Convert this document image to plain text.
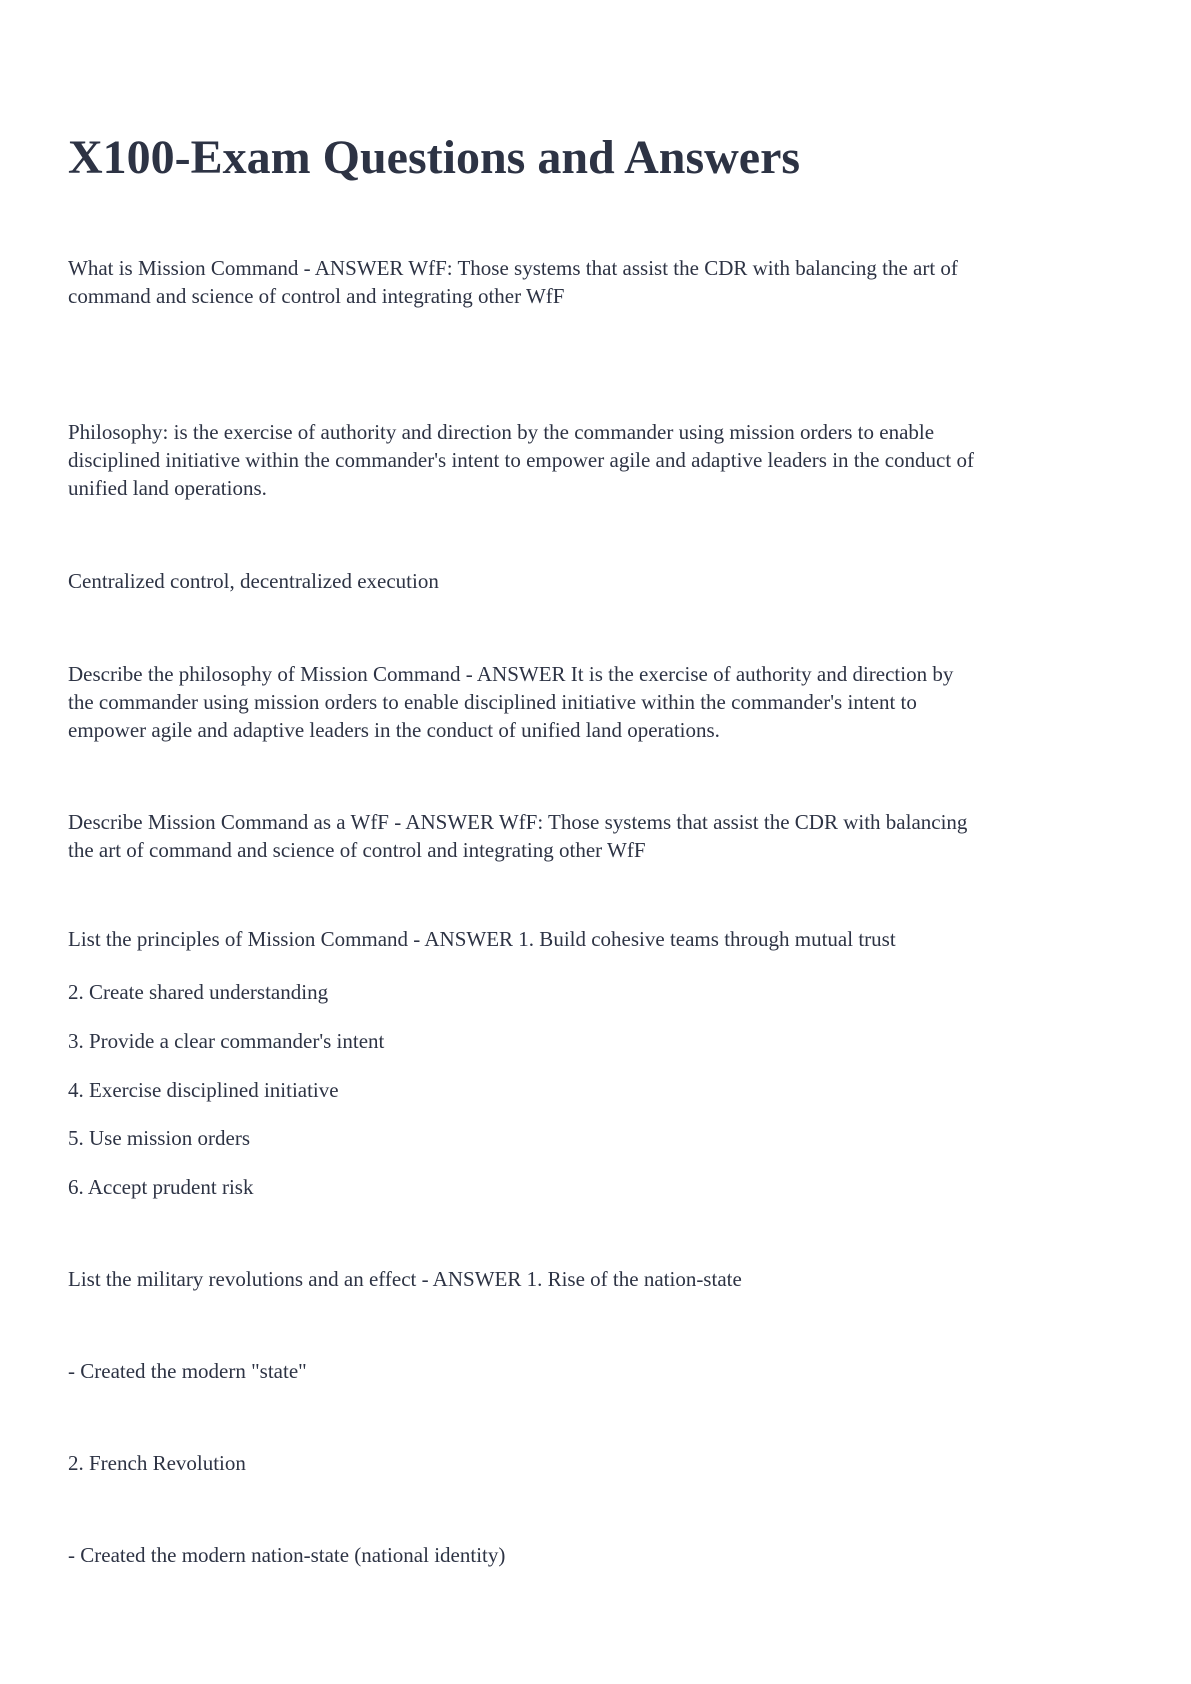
X100-Exam Questions and Answers
What is Mission Command - ANSWER WfF: Those systems that assist the CDR with balancing the art of
command and science of control and integrating other WfF
Philosophy: is the exercise of authority and direction by the commander using mission orders to enable
disciplined initiative within the commander's intent to empower agile and adaptive leaders in the conduct of
unified land operations.
Centralized control, decentralized execution
Describe the philosophy of Mission Command - ANSWER It is the exercise of authority and direction by
the commander using mission orders to enable disciplined initiative within the commander's intent to
empower agile and adaptive leaders in the conduct of unified land operations.
Describe Mission Command as a WfF - ANSWER WfF: Those systems that assist the CDR with balancing
the art of command and science of control and integrating other WfF
List the principles of Mission Command - ANSWER 1. Build cohesive teams through mutual trust
2. Create shared understanding
3. Provide a clear commander's intent
4. Exercise disciplined initiative
5. Use mission orders
6. Accept prudent risk
List the military revolutions and an effect - ANSWER 1. Rise of the nation-state
- Created the modern "state"
2. French Revolution
- Created the modern nation-state (national identity)
